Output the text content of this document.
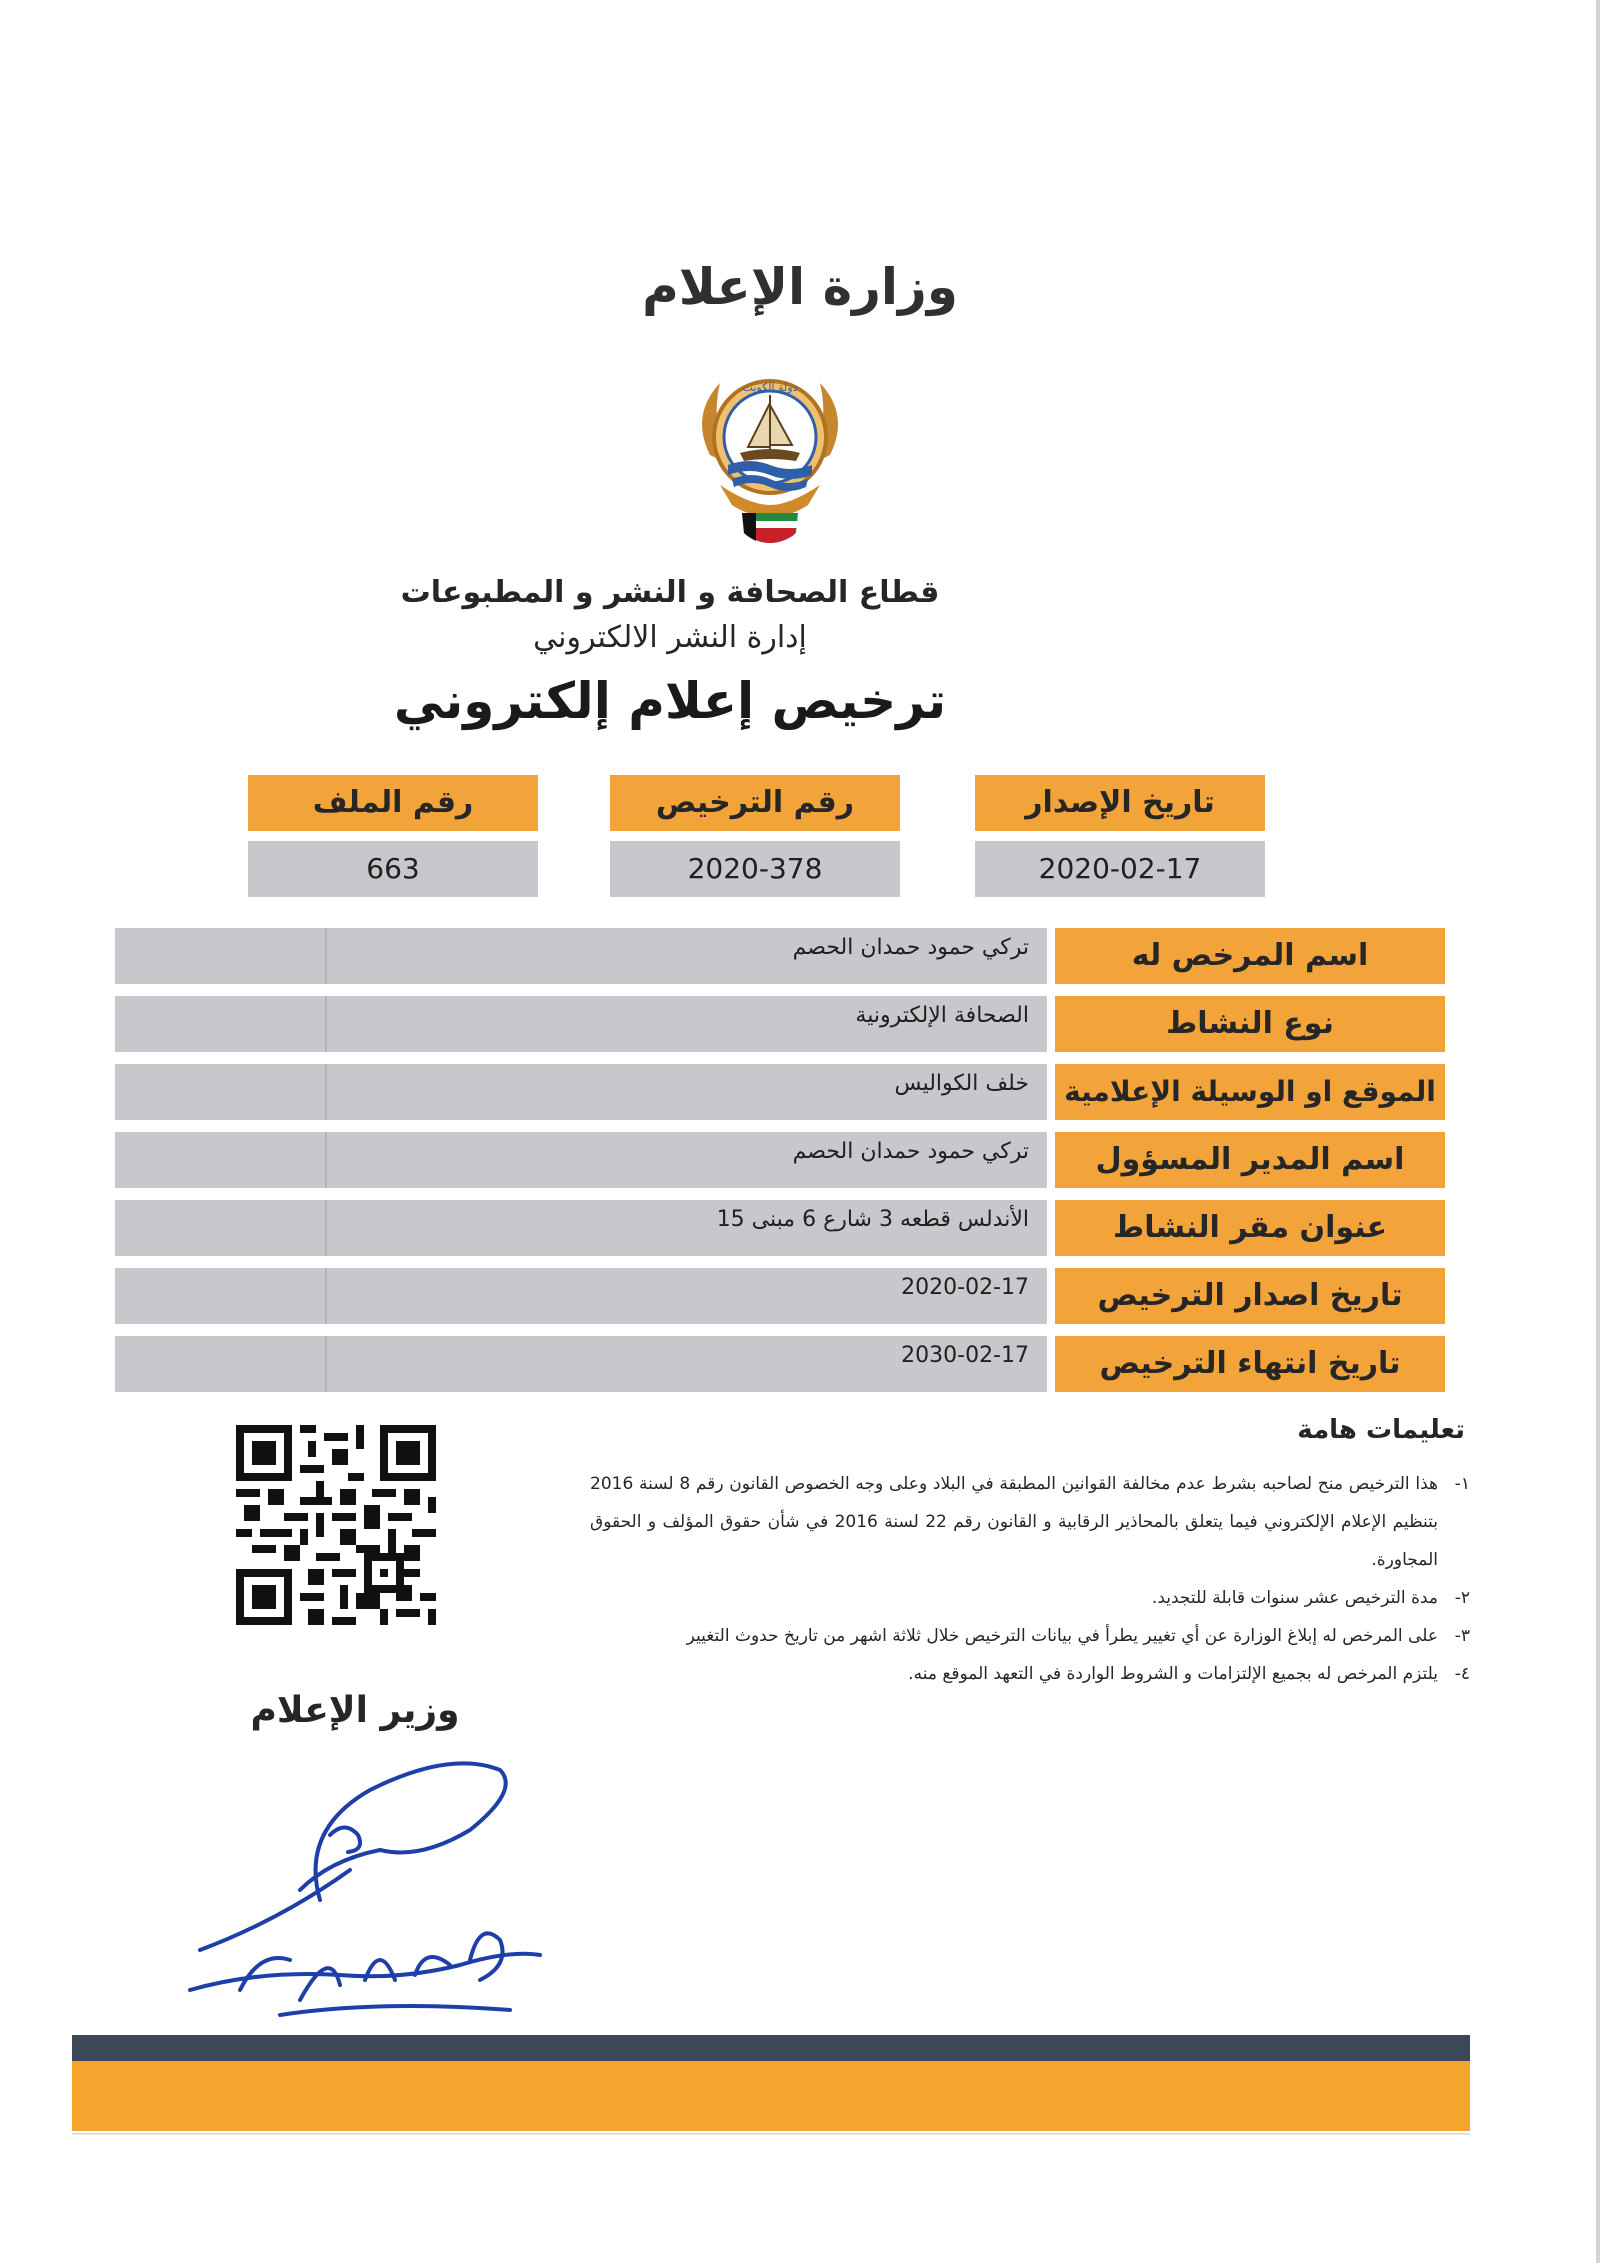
وزارة الإعلام
دولة الكويت
قطاع الصحافة و النشر و المطبوعات
إدارة النشر الالكتروني
ترخيص إعلام إلكتروني
تاريخ الإصدار
2020-02-17
رقم الترخيص
2020-378
رقم الملف
663
تركي حمود حمدان الحصم	اسم المرخص له
الصحافة الإلكترونية	نوع النشاط
خلف الكواليس	الموقع او الوسيلة الإعلامية
تركي حمود حمدان الحصم	اسم المدير المسؤول
الأندلس قطعه 3 شارع 6 مبنى 15	عنوان مقر النشاط
2020-02-17	تاريخ اصدار الترخيص
2030-02-17	تاريخ انتهاء الترخيص
تعليمات هامة
١-
هذا الترخيص منح لصاحبه بشرط عدم مخالفة القوانين المطبقة في البلاد وعلى وجه الخصوص القانون رقم 8 لسنة 2016 بتنظيم الإعلام الإلكتروني فيما يتعلق بالمحاذير الرقابية و القانون رقم 22 لسنة 2016 في شأن حقوق المؤلف و الحقوق المجاورة.
٢-
مدة الترخيص عشر سنوات قابلة للتجديد.
٣-
على المرخص له إبلاغ الوزارة عن أي تغيير يطرأ في بيانات الترخيص خلال ثلاثة اشهر من تاريخ حدوث التغيير
٤-
يلتزم المرخص له بجميع الإلتزامات و الشروط الواردة في التعهد الموقع منه.
وزير الإعلام
